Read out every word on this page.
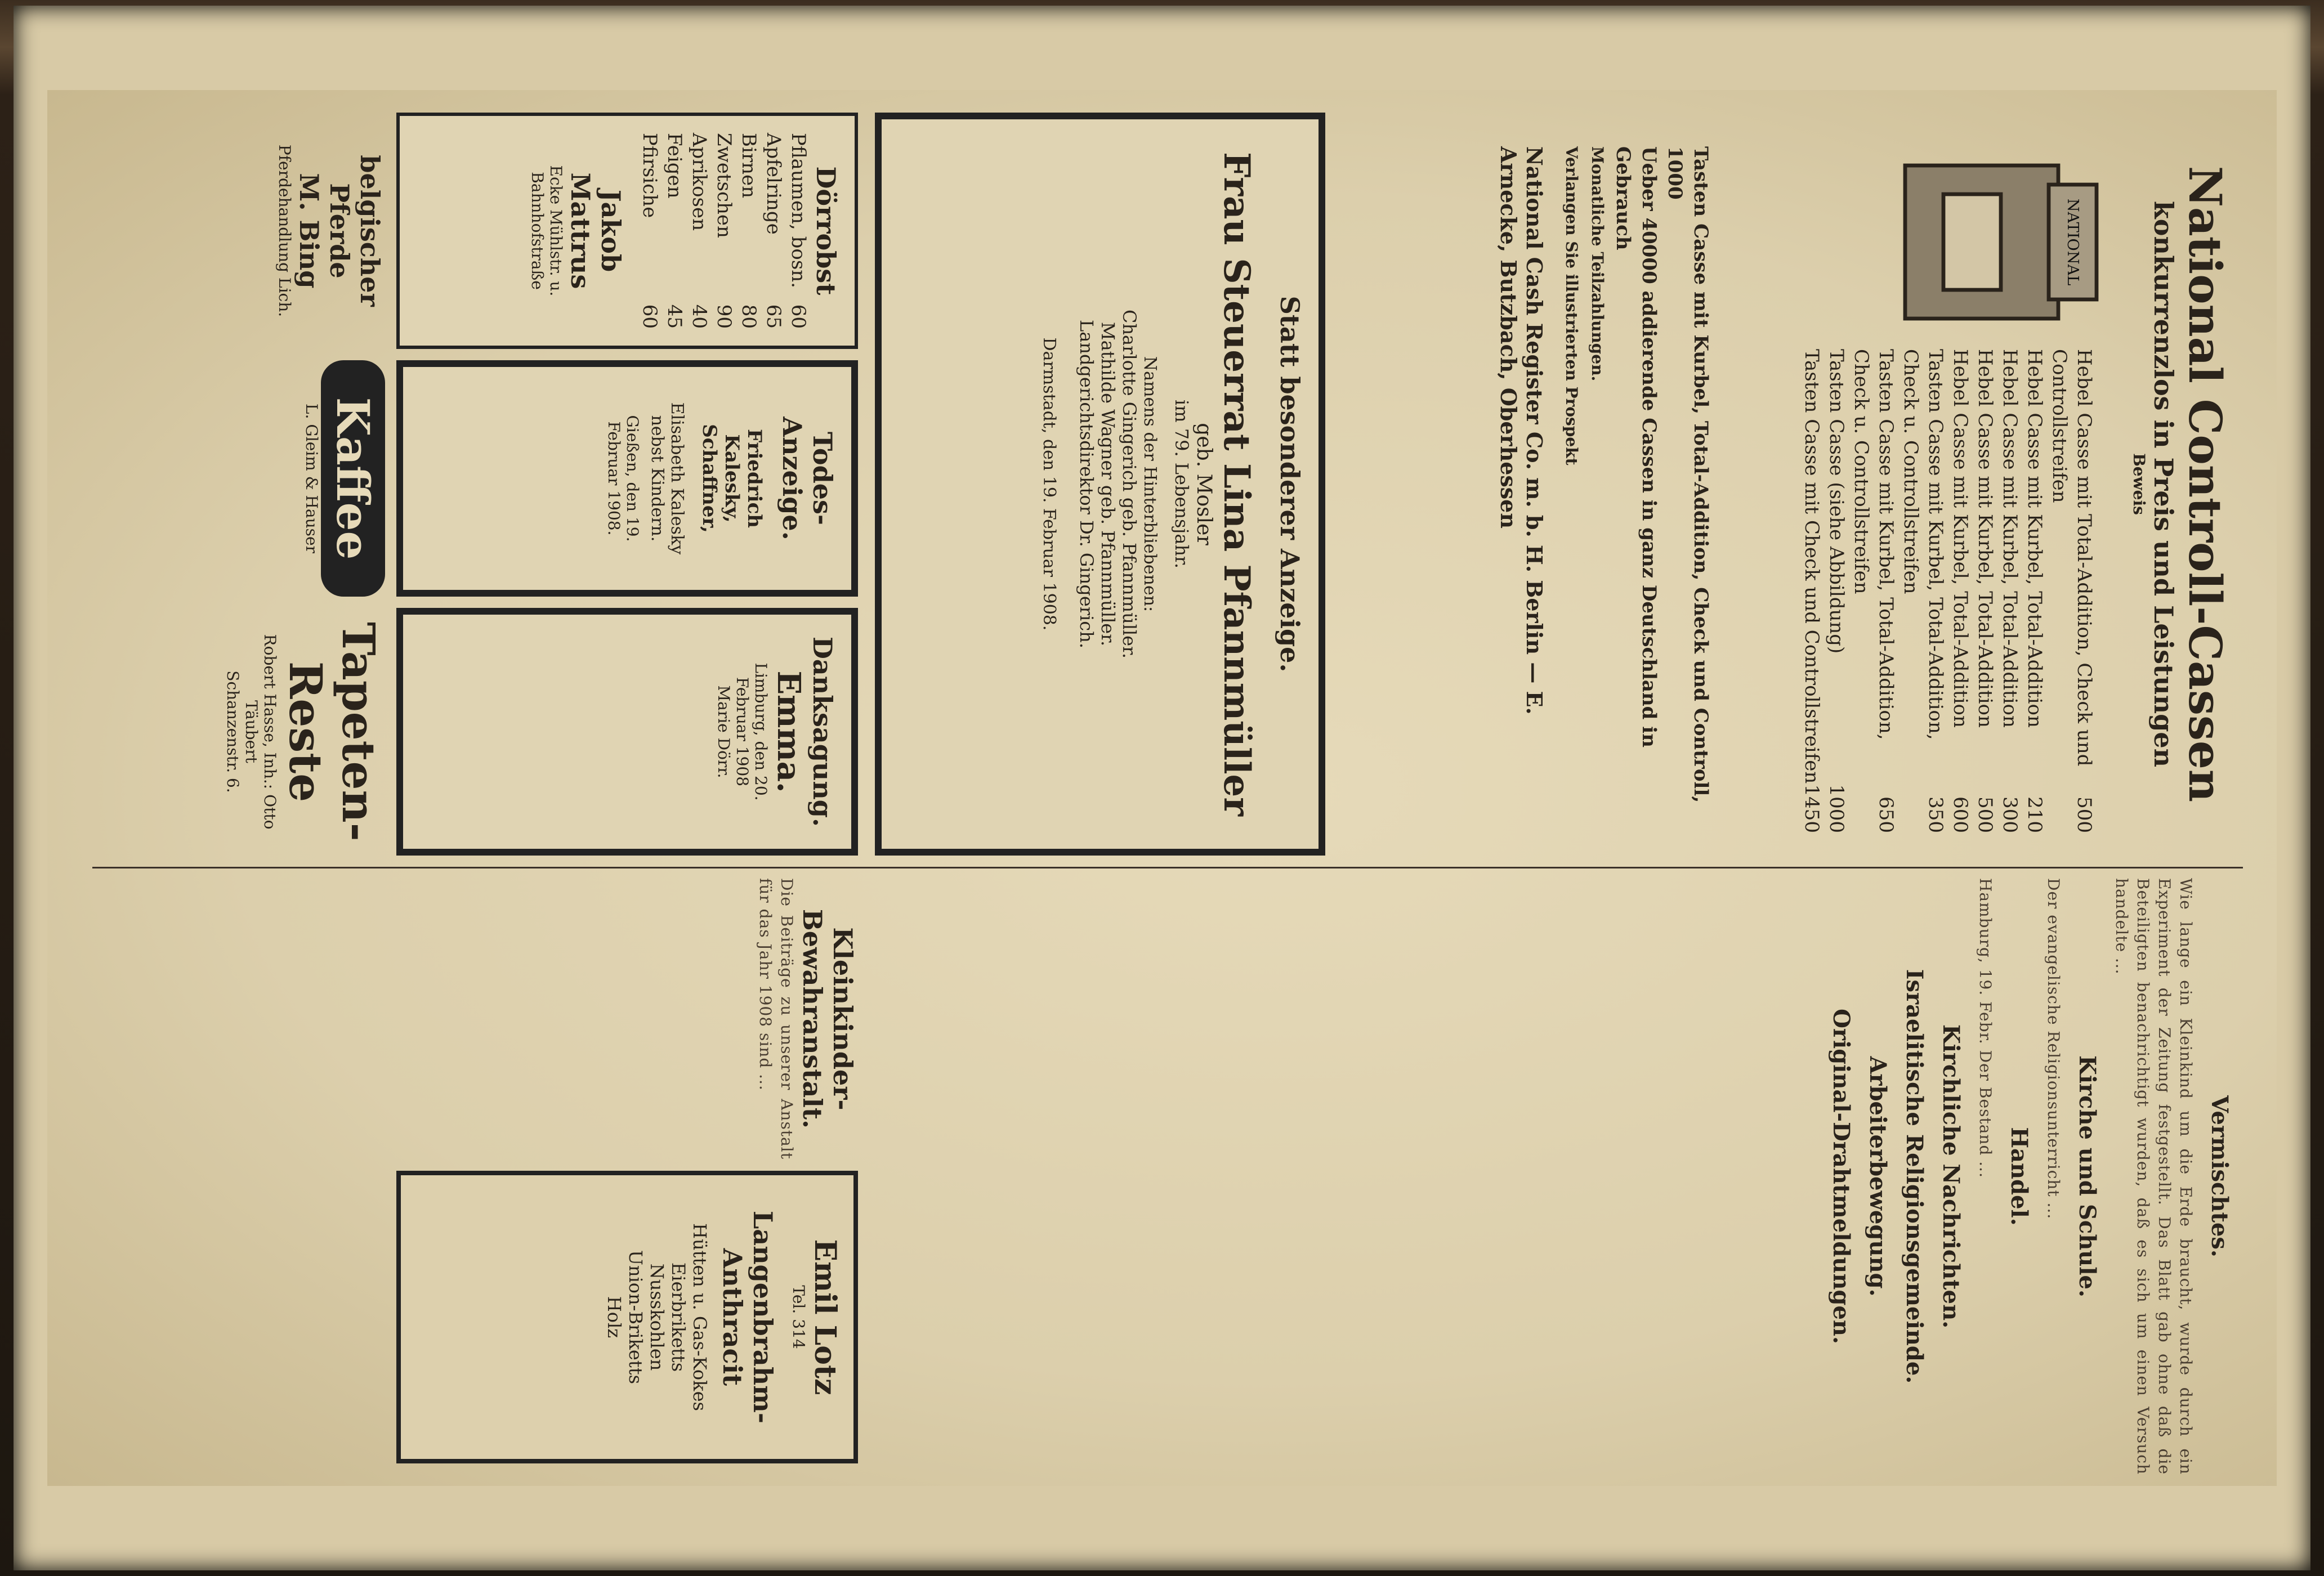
National Controll-Cassen
konkurrenzlos in Preis und Leistungen
Beweis
NATIONAL
Hebel Casse mit Total-Addition, Check und Controllstreifen
500
Hebel Casse mit Kurbel, Total-Addition
210
Hebel Casse mit Kurbel, Total-Addition
300
Hebel Casse mit Kurbel, Total-Addition
500
Hebel Casse mit Kurbel, Total-Addition
600
Tasten Casse mit Kurbel, Total-Addition, Check u. Controllstreifen
350
Tasten Casse mit Kurbel, Total-Addition, Check u. Controllstreifen
650
Tasten Casse (siehe Abbildung)
1000
Tasten Casse mit Check und Controllstreifen
1450
Tasten Casse mit Kurbel, Total-Addition, Check und Controll, 1000
Ueber 40000 addierende Cassen in ganz Deutschland in Gebrauch
Monatliche Teilzahlungen.
Verlangen Sie illustrierten Prospekt
National Cash Register Co. m. b. H. Berlin — E. Arnecke, Butzbach, Oberhessen
Vermischtes.
Wie lange ein Kleinkind um die Erde braucht, wurde durch ein Experiment der Zeitung festgestellt. Das Blatt gab ohne daß die Beteiligten benachrichtigt wurden, daß es sich um einen Versuch handelte ...
Kirche und Schule.
Der evangelische Religionsunterricht ...
Handel.
Hamburg, 19. Febr. Der Bestand ...
Kirchliche Nachrichten.
Israelitische Religionsgemeinde.
Arbeiterbewegung.
Original-Drahtmeldungen.
Statt besonderer Anzeige.
Frau Steuerrat Lina Pfannmüller
geb. Mosler
im 79. Lebensjahr.
Namens der Hinterbliebenen:
Charlotte Gingerich geb. Pfannmüller.
Mathilde Wagner geb. Pfannmüller.
Landgerichtsdirektor Dr. Gingerich.
Darmstadt, den 19. Februar 1908.
Dörrobst
Pflaumen, bosn.
60
Apfelringe
65
Birnen
80
Zwetschen
90
Aprikosen
40
Feigen
45
Pfirsiche
60
Jakob Mattrus
Ecke Mühlstr. u. Bahnhofstraße
Todes-Anzeige.
Friedrich Kalesky, Schaffner,
Elisabeth Kalesky nebst Kindern.
Gießen, den 19. Februar 1908.
Danksagung.
Emma.
Limburg, den 20. Februar 1908
Marie Dörr.
belgischer Pferde
M. Bing
Pferdehandlung Lich.
Kaffee
L. Gleim & Hauser
Tapeten-Reste
Robert Hasse, Inh.: Otto Täubert
Schanzenstr. 6.
Kleinkinder-Bewahranstalt.
Die Beiträge zu unserer Anstalt für das Jahr 1908 sind ...
Emil Lotz
Tel. 314
Langenbrahm-Anthracit
Hütten u. Gas-Kokes
Eierbriketts
Nusskohlen
Union-Briketts
Holz
